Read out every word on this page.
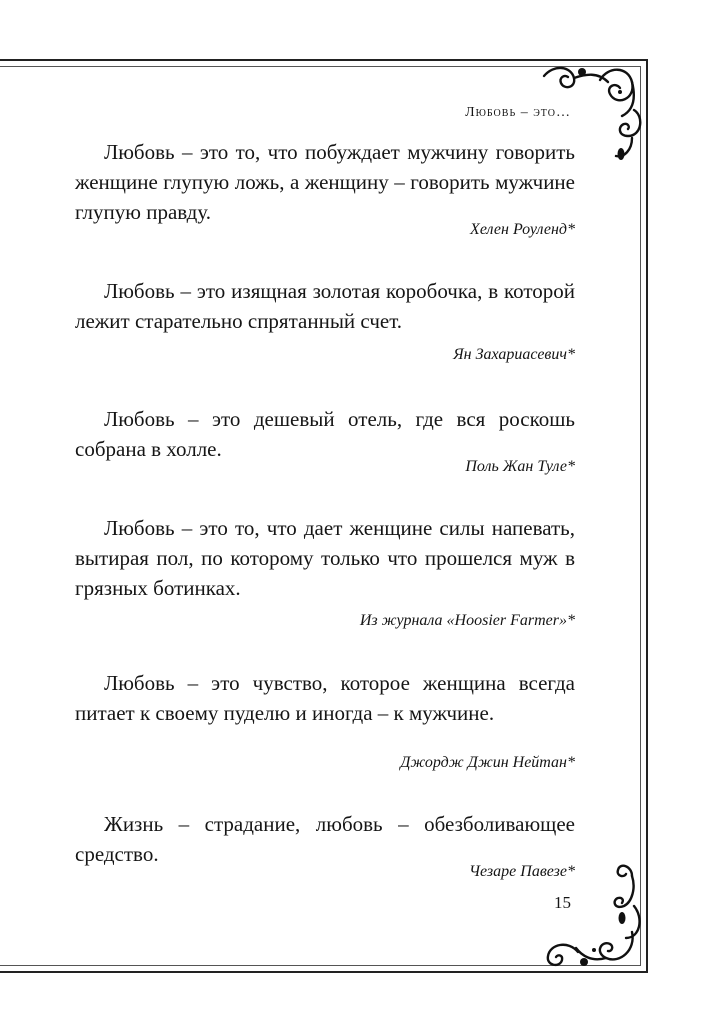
Любовь – это…

Любовь – это то, что побуждает мужчину говорить женщине глупую ложь, а женщину – говорить мужчине глупую правду.

Хелен Роуленд*

Любовь – это изящная золотая коробочка, в которой лежит старательно спрятанный счет.

Ян Захариасевич*

Любовь – это дешевый отель, где вся роскошь собрана в холле.

Поль Жан Туле*

Любовь – это то, что дает женщине силы напевать, вытирая пол, по которому только что прошелся муж в грязных ботинках.

Из журнала «Hoosier Farmer»*

Любовь – это чувство, которое женщина всегда питает к своему пуделю и иногда – к мужчине.

Джордж Джин Нейтан*

Жизнь – страдание, любовь – обезболивающее средство.

Чезаре Павезе*
15
